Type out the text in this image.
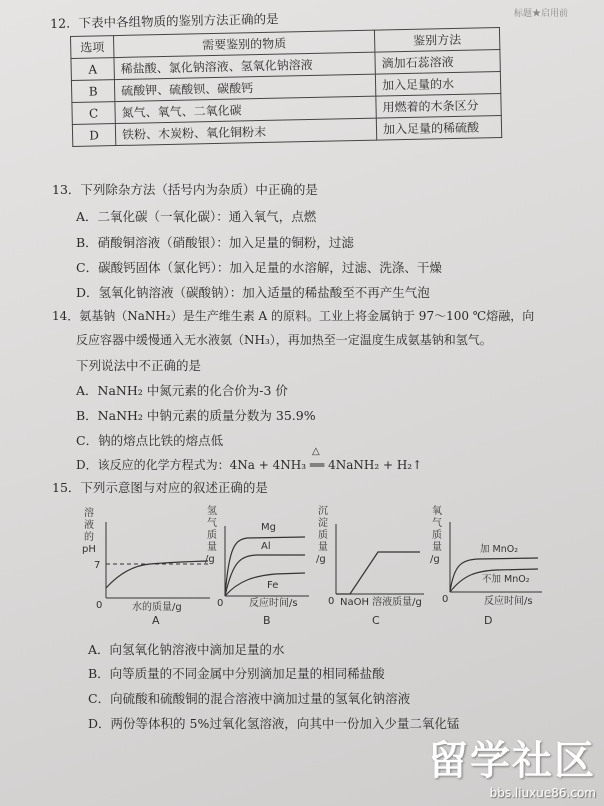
标题★启用前
12．下表中各组物质的鉴别方法正确的是
选项	需要鉴别的物质	鉴别方法
A	稀盐酸、氯化钠溶液、氢氧化钠溶液	滴加石蕊溶液
B	硫酸钾、硫酸钡、碳酸钙	加入足量的水
C	氮气、氧气、二氧化碳	用燃着的木条区分
D	铁粉、木炭粉、氧化铜粉末	加入足量的稀硫酸
13．下列除杂方法（括号内为杂质）中正确的是
A．二氧化碳（一氧化碳）：通入氧气，点燃
B．硝酸铜溶液（硝酸银）：加入足量的铜粉，过滤
C．碳酸钙固体（氯化钙）：加入足量的水溶解，过滤、洗涤、干燥
D．氢氧化钠溶液（碳酸钠）：加入适量的稀盐酸至不再产生气泡
14．氨基钠（NaNH₂）是生产维生素 A 的原料。工业上将金属钠于 97～100 ℃熔融，向
反应容器中缓慢通入无水液氨（NH₃），再加热至一定温度生成氨基钠和氢气。
下列说法中不正确的是
A．NaNH₂ 中氮元素的化合价为-3 价
B．NaNH₂ 中钠元素的质量分数为 35.9%
C．钠的熔点比铁的熔点低
D．该反应的化学方程式为：4Na + 4NH₃ ══ 4NaNH₂ + H₂↑
△
15．下列示意图与对应的叙述正确的是
溶
液
的
pH
7
0	水的质量/g
A
氢
气
质
量
/g
Mg
Al
Fe
0	反应时间/s
B
沉
淀
质
量
/g
0 NaOH 溶液质量/g
C
氧
气
质
量
/g
加 MnO₂
不加 MnO₂
0	反应时间/s
D
A．向氢氧化钠溶液中滴加足量的水
B．向等质量的不同金属中分别滴加足量的相同稀盐酸
C．向硫酸和硫酸铜的混合溶液中滴加过量的氢氧化钠溶液
D．两份等体积的 5%过氧化氢溶液，向其中一份加入少量二氧化锰
留学社区
bbs.liuxue86.com
